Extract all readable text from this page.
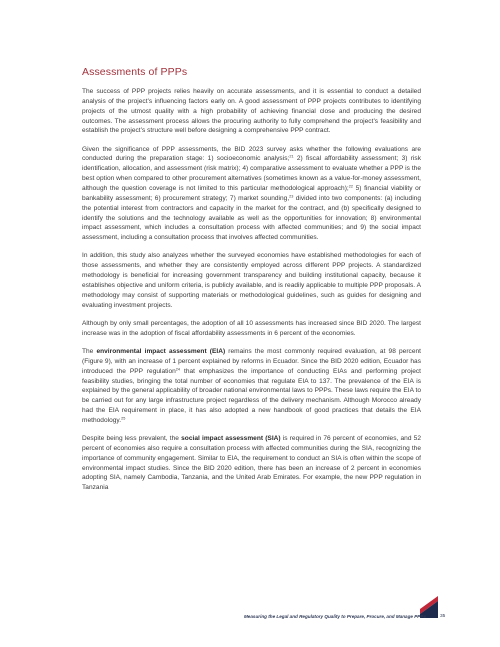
Assessments of PPPs

The success of PPP projects relies heavily on accurate assessments, and it is essential to conduct a detailed analysis of the project’s influencing factors early on. A good assessment of PPP projects contributes to identifying projects of the utmost quality with a high probability of achieving financial close and producing the desired outcomes. The assessment process allows the procuring authority to fully comprehend the project’s feasibility and establish the project’s structure well before designing a comprehensive PPP contract.

Given the significance of PPP assessments, the BID 2023 survey asks whether the following evaluations are conducted during the preparation stage: 1) socioeconomic analysis;$^{21}$ 2) fiscal affordability assessment; 3) risk identification, allocation, and assessment (risk matrix); 4) comparative assessment to evaluate whether a PPP is the best option when compared to other procurement alternatives (sometimes known as a value-for-money assessment, although the question coverage is not limited to this particular methodological approach);$^{22}$ 5) financial viability or bankability assessment; 6) procurement strategy; 7) market sounding,$^{23}$ divided into two components: (a) including the potential interest from contractors and capacity in the market for the contract, and (b) specifically designed to identify the solutions and the technology available as well as the opportunities for innovation; 8) environmental impact assessment, which includes a consultation process with affected communities; and 9) the social impact assessment, including a consultation process that involves affected communities.

In addition, this study also analyzes whether the surveyed economies have established methodologies for each of those assessments, and whether they are consistently employed across different PPP projects. A standardized methodology is beneficial for increasing government transparency and building institutional capacity, because it establishes objective and uniform criteria, is publicly available, and is readily applicable to multiple PPP proposals. A methodology may consist of supporting materials or methodological guidelines, such as guides for designing and evaluating investment projects.

Although by only small percentages, the adoption of all 10 assessments has increased since BID 2020. The largest increase was in the adoption of fiscal affordability assessments in 6 percent of the economies.

The environmental impact assessment (EIA) remains the most commonly required evaluation, at 98 percent (Figure 9), with an increase of 1 percent explained by reforms in Ecuador. Since the BID 2020 edition, Ecuador has introduced the PPP regulation$^{24}$ that emphasizes the importance of conducting EIAs and performing project feasibility studies, bringing the total number of economies that regulate EIA to 137. The prevalence of the EIA is explained by the general applicability of broader national environmental laws to PPPs. These laws require the EIA to be carried out for any large infrastructure project regardless of the delivery mechanism. Although Morocco already had the EIA requirement in place, it has also adopted a new handbook of good practices that details the EIA methodology.$^{25}$

Despite being less prevalent, the social impact assessment (SIA) is required in 76 percent of economies, and 52 percent of economies also require a consultation process with affected communities during the SIA, recognizing the importance of community engagement. Similar to EIA, the requirement to conduct an SIA is often within the scope of environmental impact studies. Since the BID 2020 edition, there has been an increase of 2 percent in economies adopting SIA, namely Cambodia, Tanzania, and the United Arab Emirates. For example, the new PPP regulation in Tanzania

Measuring the Legal and Regulatory Quality to Prepare, Procure, and Manage PPPs	35
